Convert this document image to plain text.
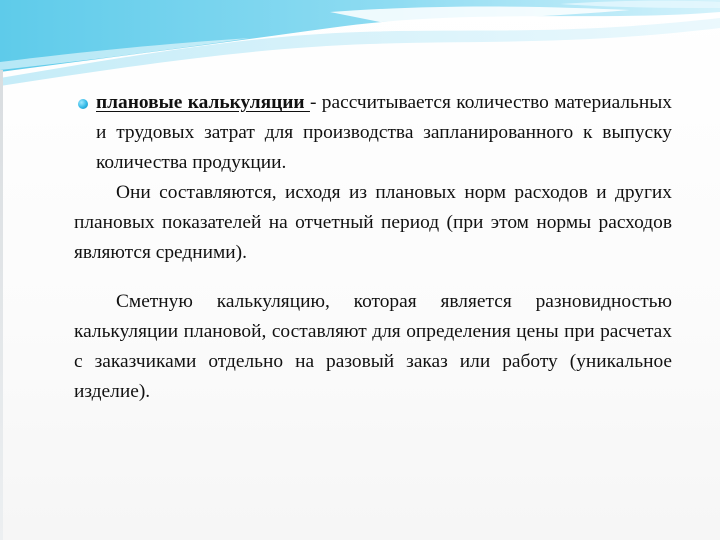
плановые калькуляции - рассчитывается количество материальных и трудовых затрат для производства запланированного к выпуску количества продукции.

Они составляются, исходя из плановых норм расходов и других плановых показателей на отчетный период (при этом нормы расходов являются средними).

Сметную калькуляцию, которая является разновидностью калькуляции плановой, составляют для определения цены при расчетах с заказчиками отдельно на разовый заказ или работу (уникальное изделие).
